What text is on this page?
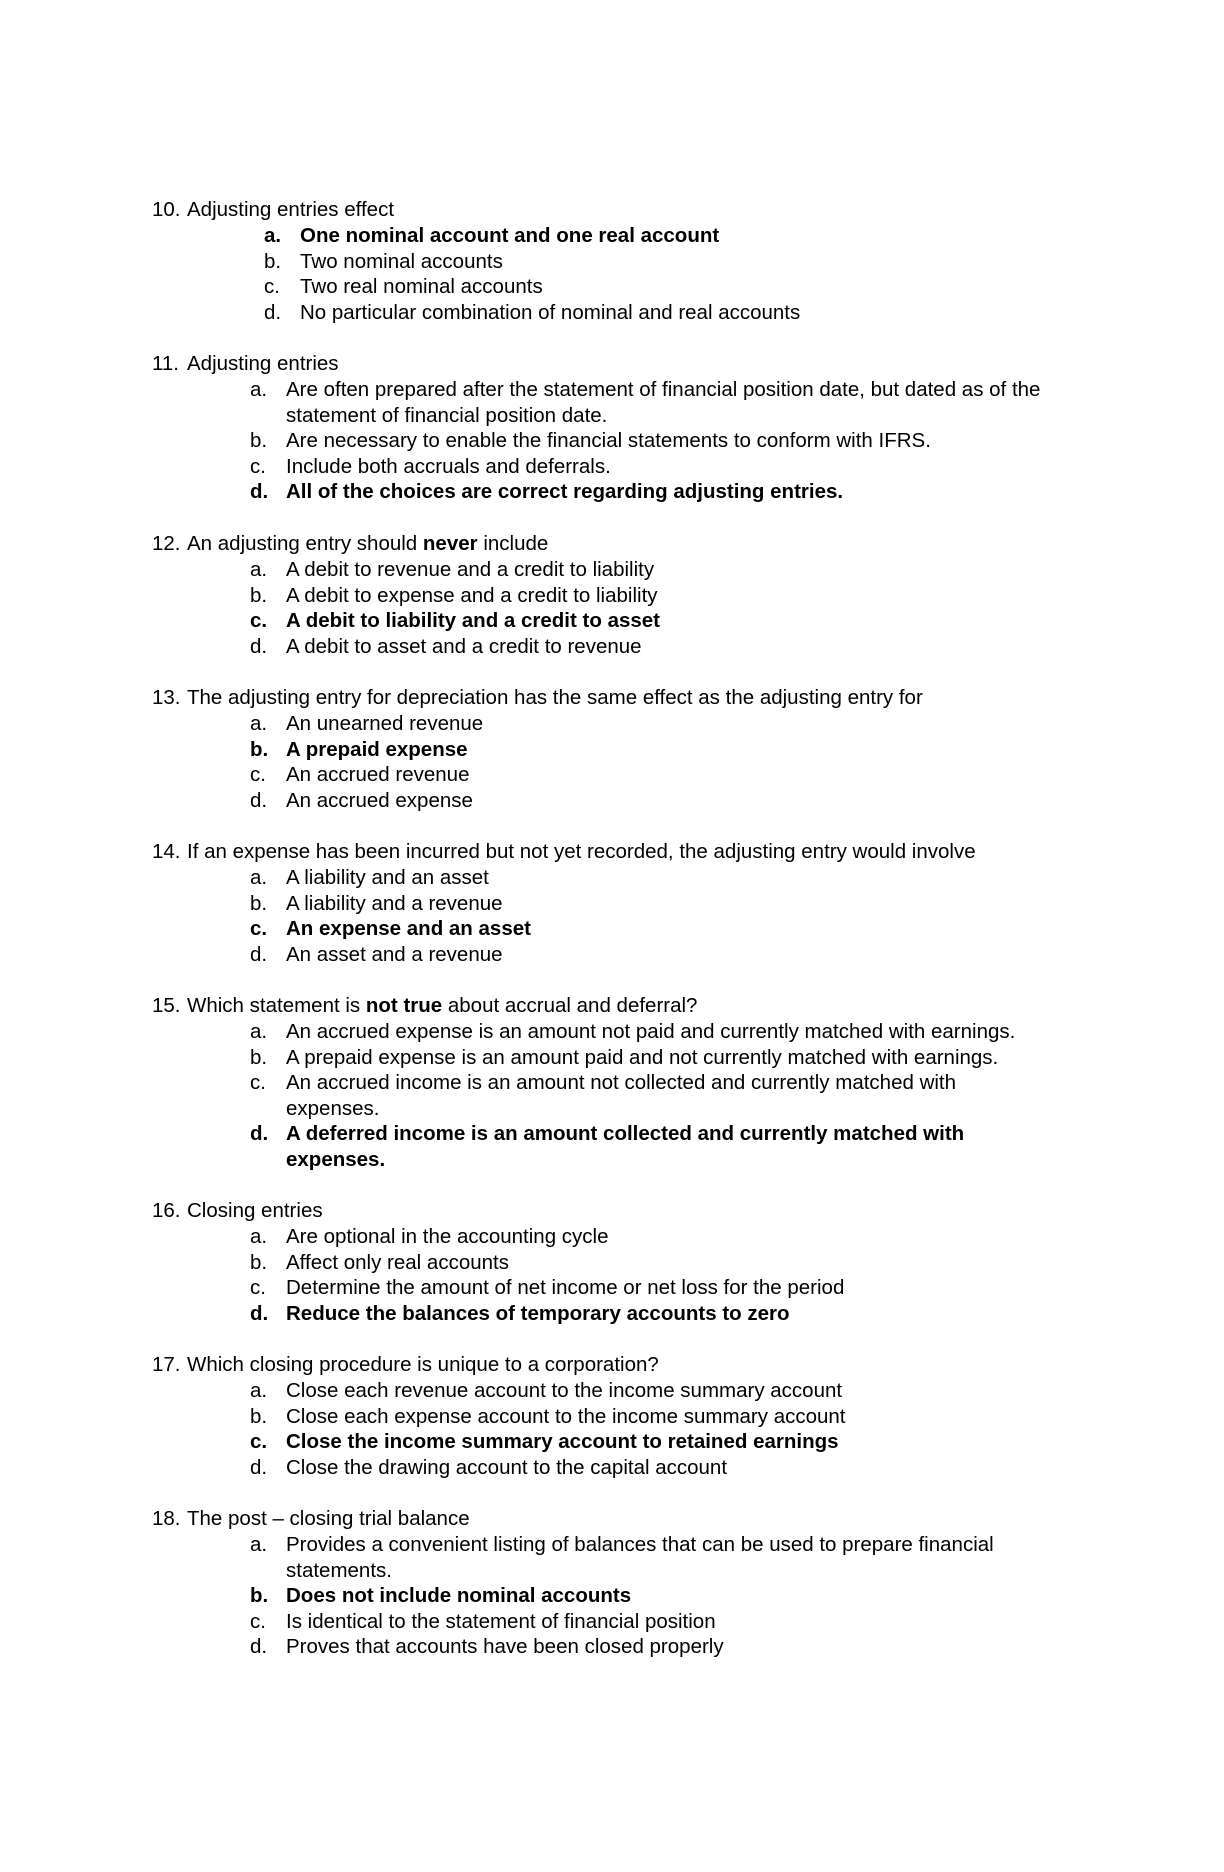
10. Adjusting entries effect
a. One nominal account and one real account
b. Two nominal accounts
c. Two real nominal accounts
d. No particular combination of nominal and real accounts
11. Adjusting entries
a. Are often prepared after the statement of financial position date, but dated as of the statement of financial position date.
b. Are necessary to enable the financial statements to conform with IFRS.
c. Include both accruals and deferrals.
d. All of the choices are correct regarding adjusting entries.
12. An adjusting entry should never include
a. A debit to revenue and a credit to liability
b. A debit to expense and a credit to liability
c. A debit to liability and a credit to asset
d. A debit to asset and a credit to revenue
13. The adjusting entry for depreciation has the same effect as the adjusting entry for
a. An unearned revenue
b. A prepaid expense
c. An accrued revenue
d. An accrued expense
14. If an expense has been incurred but not yet recorded, the adjusting entry would involve
a. A liability and an asset
b. A liability and a revenue
c. An expense and an asset
d. An asset and a revenue
15. Which statement is not true about accrual and deferral?
a. An accrued expense is an amount not paid and currently matched with earnings.
b. A prepaid expense is an amount paid and not currently matched with earnings.
c. An accrued income is an amount not collected and currently matched with expenses.
d. A deferred income is an amount collected and currently matched with expenses.
16. Closing entries
a. Are optional in the accounting cycle
b. Affect only real accounts
c. Determine the amount of net income or net loss for the period
d. Reduce the balances of temporary accounts to zero
17. Which closing procedure is unique to a corporation?
a. Close each revenue account to the income summary account
b. Close each expense account to the income summary account
c. Close the income summary account to retained earnings
d. Close the drawing account to the capital account
18. The post – closing trial balance
a. Provides a convenient listing of balances that can be used to prepare financial statements.
b. Does not include nominal accounts
c. Is identical to the statement of financial position
d. Proves that accounts have been closed properly
